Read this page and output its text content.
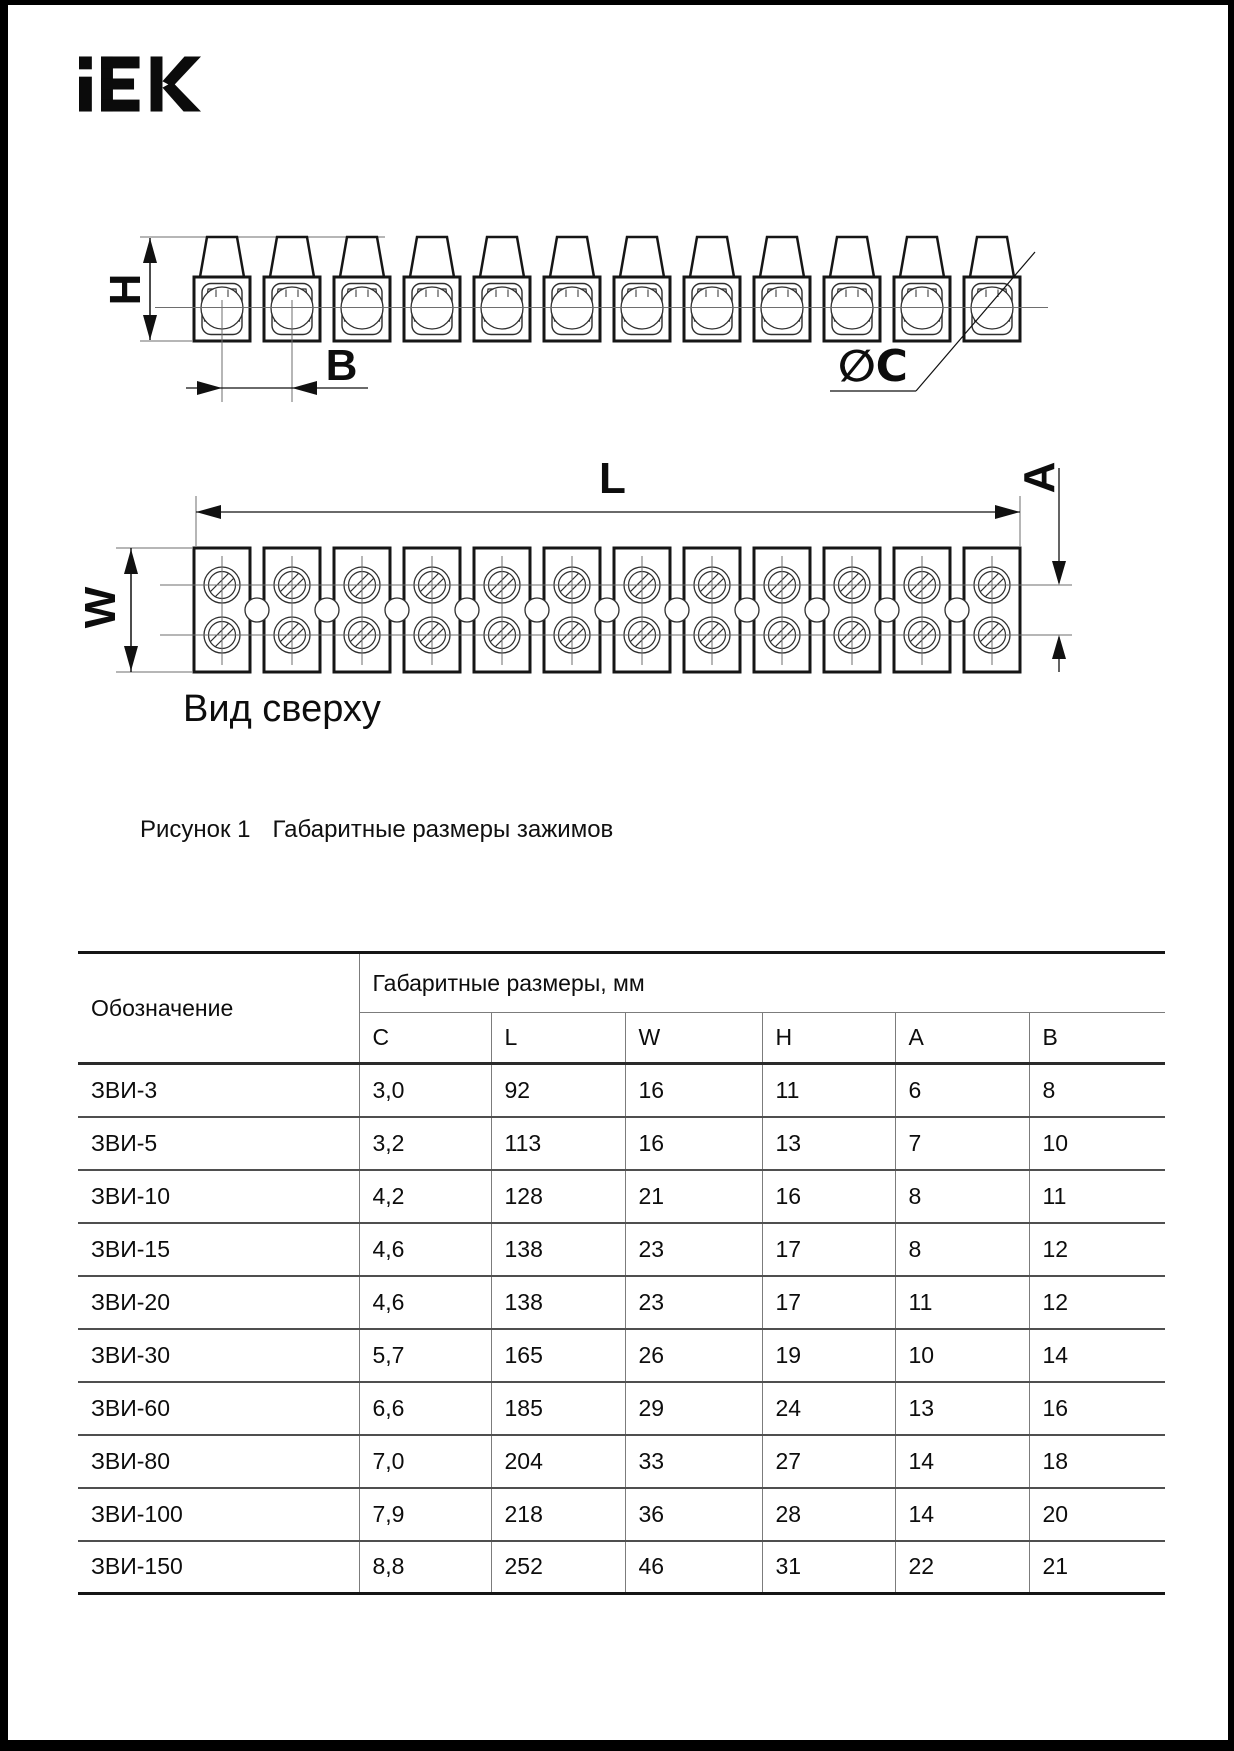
H
B	∅C
L
W
A
Вид сверху
Рисунок 1 Габаритные размеры зажимов
Обозначение	Габаритные размеры, мм					
	C	L	W	H	A	B
ЗВИ-3	3,0	92	16	11	6	8
ЗВИ-5	3,2	113	16	13	7	10
ЗВИ-10	4,2	128	21	16	8	11
ЗВИ-15	4,6	138	23	17	8	12
ЗВИ-20	4,6	138	23	17	11	12
ЗВИ-30	5,7	165	26	19	10	14
ЗВИ-60	6,6	185	29	24	13	16
ЗВИ-80	7,0	204	33	27	14	18
ЗВИ-100	7,9	218	36	28	14	20
ЗВИ-150	8,8	252	46	31	22	21
